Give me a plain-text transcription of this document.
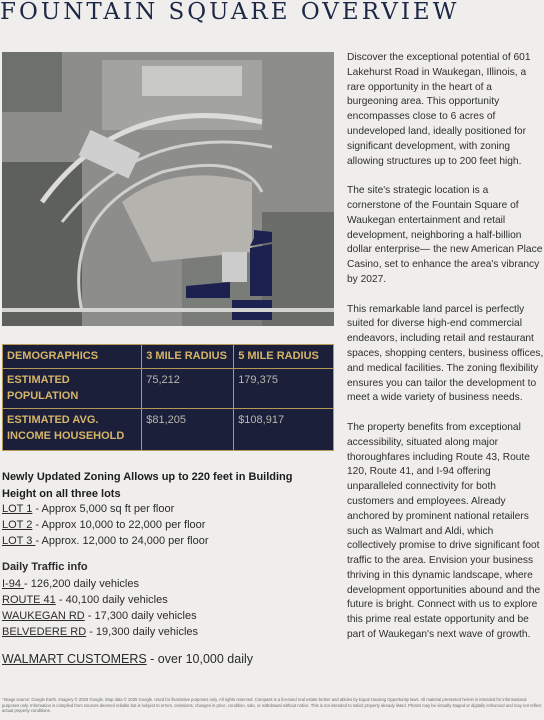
FOUNTAIN SQUARE OVERVIEW
DEMOGRAPHICS	3 MILE RADIUS	5 MILE RADIUS
ESTIMATED POPULATION	75,212	179,375
ESTIMATED AVG. INCOME HOUSEHOLD	$81,205	$108,917
Newly Updated Zoning Allows up to 220 feet in Building Height on all three lots
LOT 1 - Approx 5,000 sq ft per floor
LOT 2 - Approx 10,000 to 22,000 per floor
LOT 3 - Approx. 12,000 to 24,000 per floor
Daily Traffic info
I-94 - 126,200 daily vehicles
ROUTE 41 - 40,100 daily vehicles
WAUKEGAN RD - 17,300 daily vehicles
BELVEDERE RD - 19,300 daily vehicles
WALMART CUSTOMERS - over 10,000 daily

Discover the exceptional potential of 601 Lakehurst Road in Waukegan, Illinois, a rare opportunity in the heart of a burgeoning area. This opportunity encompasses close to 6 acres of undeveloped land, ideally positioned for significant development, with zoning allowing structures up to 200 feet high.

The site's strategic location is a cornerstone of the Fountain Square of Waukegan entertainment and retail development, neighboring a half-billion dollar enterprise— the new American Place Casino, set to enhance the area's vibrancy by 2027.

This remarkable land parcel is perfectly suited for diverse high-end commercial endeavors, including retail and restaurant spaces, shopping centers, business offices, and medical facilities. The zoning flexibility ensures you can tailor the development to meet a wide variety of business needs.

The property benefits from exceptional accessibility, situated along major thoroughfares including Route 43, Route 120, Route 41, and I-94 offering unparalleled connectivity for both customers and employees. Already anchored by prominent national retailers such as Walmart and Aldi, which collectively promise to drive significant foot traffic to the area. Envision your business thriving in this dynamic landscape, where development opportunities abound and the future is bright. Connect with us to explore this prime real estate opportunity and be part of Waukegan's next wave of growth.

*Image source: Google Earth. Imagery © 2025 Google, Map data © 2025 Google. Used for illustrative purposes only. All rights reserved. Compass is a licensed real estate broker and abides by Equal Housing Opportunity laws. All material presented herein is intended for informational purposes only. Information is compiled from sources deemed reliable but is subject to errors, omissions, changes in price, condition, sale, or withdrawal without notice. This is not intended to solicit property already listed. Photos may be virtually staged or digitally enhanced and may not reflect actual property conditions.
